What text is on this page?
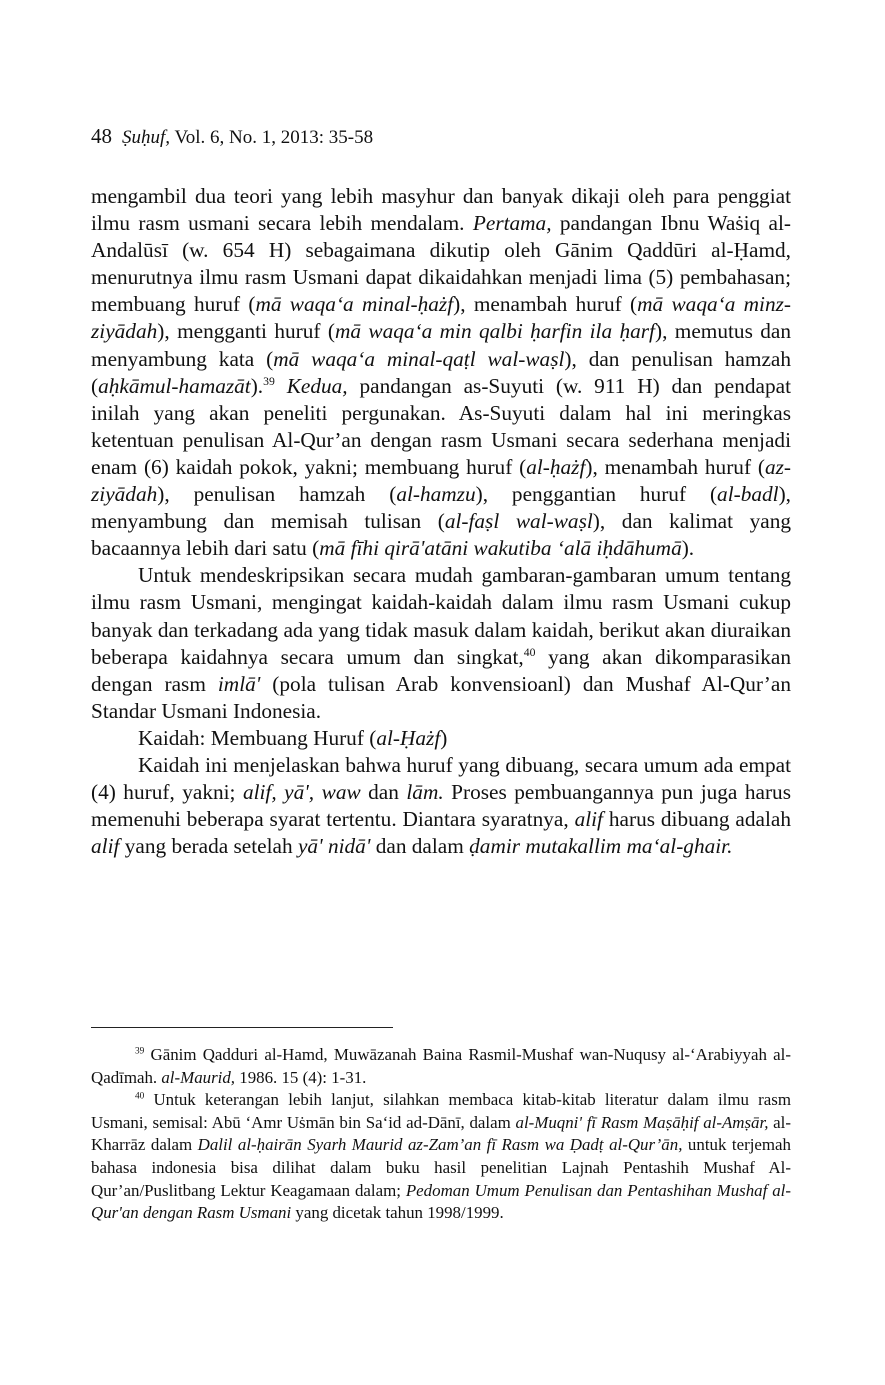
48 Ṣuḥuf, Vol. 6, No. 1, 2013: 35-58

mengambil dua teori yang lebih masyhur dan banyak dikaji oleh para penggiat ilmu rasm usmani secara lebih mendalam. Pertama, pandangan Ibnu Waṡiq al-Andalūsī (w. 654 H) sebagaimana dikutip oleh Gānim Qaddūri al-Ḥamd, menurutnya ilmu rasm Usmani dapat dikaidahkan menjadi lima (5) pembahasan; membuang huruf (mā waqa‘a minal-ḥażf), menambah huruf (mā waqa‘a minz-ziyādah), mengganti huruf (mā waqa‘a min qalbi ḥarfin ila ḥarf), memutus dan menyambung kata (mā waqa‘a minal-qaṭl wal-waṣl), dan penulisan hamzah (aḥkāmul-hamazāt).$^{39}$ Kedua, pandangan as-Suyuti (w. 911 H) dan pendapat inilah yang akan peneliti pergunakan. As-Suyuti dalam hal ini meringkas ketentuan penulisan Al-Qur’an dengan rasm Usmani secara sederhana menjadi enam (6) kaidah pokok, yakni; membuang huruf (al-ḥażf), menambah huruf (az-ziyādah), penulisan hamzah (al-hamzu), penggantian huruf (al-badl), menyambung dan memisah tulisan (al-faṣl wal-waṣl), dan kalimat yang bacaannya lebih dari satu (mā fīhi qirā'atāni wakutiba ‘alā iḥdāhumā).

Untuk mendeskripsikan secara mudah gambaran-gambaran umum tentang ilmu rasm Usmani, mengingat kaidah-kaidah dalam ilmu rasm Usmani cukup banyak dan terkadang ada yang tidak masuk dalam kaidah, berikut akan diuraikan beberapa kaidahnya secara umum dan singkat,$^{40}$ yang akan dikomparasikan dengan rasm imlā' (pola tulisan Arab konvensioanl) dan Mushaf Al-Qur’an Standar Usmani Indonesia.

Kaidah: Membuang Huruf (al-Ḥażf)

Kaidah ini menjelaskan bahwa huruf yang dibuang, secara umum ada empat (4) huruf, yakni; alif, yā', waw dan lām. Proses pembuangannya pun juga harus memenuhi beberapa syarat tertentu. Diantara syaratnya, alif harus dibuang adalah alif yang berada setelah yā' nidā' dan dalam ḍamir mutakallim ma‘al-ghair.

$^{39}$ Gānim Qadduri al-Hamd, Muwāzanah Baina Rasmil-Mushaf wan-Nuqusy al-‘Arabiyyah al-Qadīmah. al-Maurid, 1986. 15 (4): 1-31.

$^{40}$ Untuk keterangan lebih lanjut, silahkan membaca kitab-kitab literatur dalam ilmu rasm Usmani, semisal: Abū ‘Amr Uṡmān bin Sa‘id ad-Dānī, dalam al-Muqni' fī Rasm Maṣāḥif al-Amṣār, al-Kharrāz dalam Dalil al-ḥairān Syarh Maurid az-Zam’an fī Rasm wa Ḍadṭ al-Qur’ān, untuk terjemah bahasa indonesia bisa dilihat dalam buku hasil penelitian Lajnah Pentashih Mushaf Al-Qur’an/Puslitbang Lektur Keagamaan dalam; Pedoman Umum Penulisan dan Pentashihan Mushaf al-Qur'an dengan Rasm Usmani yang dicetak tahun 1998/1999.
